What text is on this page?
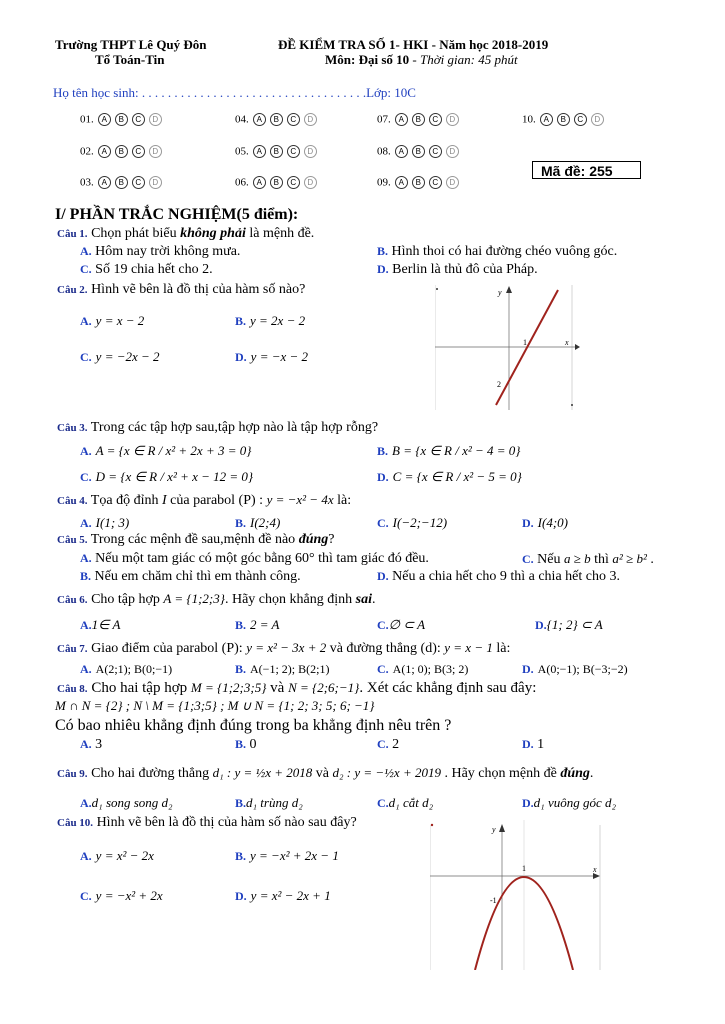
Trường THPT Lê Quý Đôn
Tổ Toán-Tin
ĐỀ KIỂM TRA SỐ 1- HKI - Năm học 2018-2019
Môn: Đại số 10 - Thời gian: 45 phút
Họ tên học sinh: . . . . . . . . . . . . . . . . . . . . . . . . . . . . . . . . . . .Lớp: 10C
01. A B C D	04. A B C D	07. A B C D	10. A B C D
02. A B C D	05. A B C D	08. A B C D
03. A B C D	06. A B C D	09. A B C D
Mã đề: 255
I/ PHẦN TRẮC NGHIỆM(5 điểm):
Câu 1. Chọn phát biểu không phải là mệnh đề.
A. Hôm nay trời không mưa.	B. Hình thoi có hai đường chéo vuông góc.
C. Số 19 chia hết cho 2.	D. Berlin là thủ đô của Pháp.
Câu 2. Hình vẽ bên là đồ thị của hàm số nào?
A. y = x − 2	B. y = 2x − 2
C. y = −2x − 2	D. y = −x − 2
y
x
1
2
Câu 3. Trong các tập hợp sau,tập hợp nào là tập hợp rỗng?
A. A = {x ∈ R / x² + 2x + 3 = 0}	B. B = {x ∈ R / x² − 4 = 0}
C. D = {x ∈ R / x² + x − 12 = 0}	D. C = {x ∈ R / x² − 5 = 0}
Câu 4. Tọa độ đỉnh I của parabol (P) : y = −x² − 4x là:
A. I(1; 3)	B. I(2;4)	C. I(−2;−12)	D. I(4;0)
Câu 5. Trong các mệnh đề sau,mệnh đề nào đúng?
A. Nếu một tam giác có một góc bằng 60° thì tam giác đó đều.	C. Nếu a ≥ b thì a² ≥ b² .
B. Nếu em chăm chỉ thì em thành công.	D. Nếu a chia hết cho 9 thì a chia hết cho 3.
Câu 6. Cho tập hợp A = {1;2;3}. Hãy chọn khẳng định sai.
A.1∈ A	B. 2 = A	C.∅ ⊂ A	D.{1; 2} ⊂ A
Câu 7. Giao điểm của parabol (P): y = x² − 3x + 2 và đường thẳng (d): y = x − 1 là:
A. A(2;1); B(0;−1)	B. A(−1; 2); B(2;1)	C. A(1; 0); B(3; 2)	D. A(0;−1); B(−3;−2)
Câu 8. Cho hai tập hợp M = {1;2;3;5} và N = {2;6;−1}. Xét các khẳng định sau đây:
M ∩ N = {2} ; N \ M = {1;3;5} ; M ∪ N = {1; 2; 3; 5; 6; −1}
Có bao nhiêu khẳng định đúng trong ba khẳng định nêu trên ?
A. 3	B. 0	C. 2	D. 1
Câu 9. Cho hai đường thẳng d₁ : y = ½x + 2018 và d₂ : y = −½x + 2019 . Hãy chọn mệnh đề đúng.
A.d₁ song song d₂	B.d₁ trùng d₂	C.d₁ cắt d₂	D.d₁ vuông góc d₂
Câu 10. Hình vẽ bên là đồ thị của hàm số nào sau đây?
A. y = x² − 2x	B. y = −x² + 2x − 1
C. y = −x² + 2x	D. y = x² − 2x + 1
y
x
1
-1
